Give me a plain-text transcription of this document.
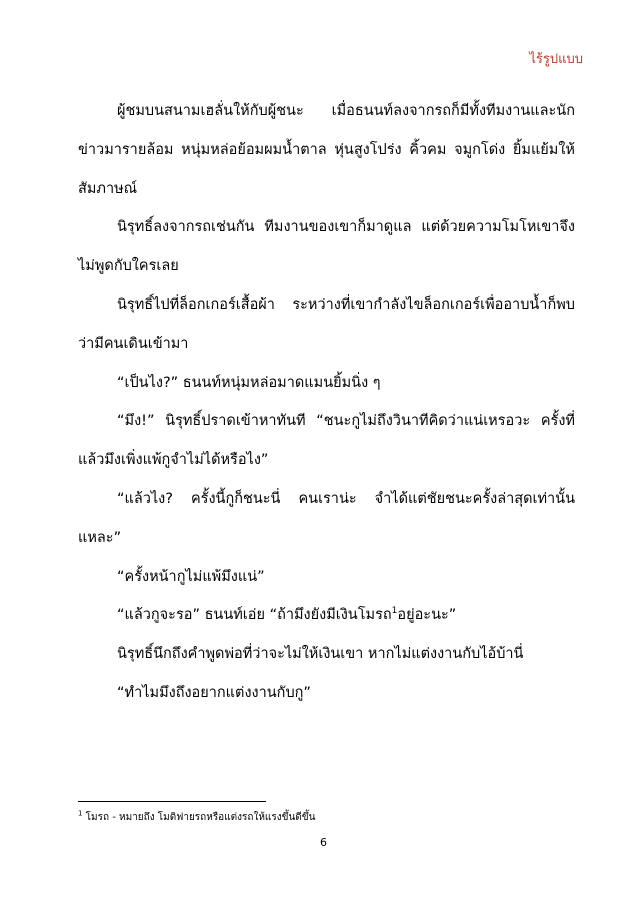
ไร้รูปแบบ

ผู้ชมบนสนามเฮลั่นให้กับผู้ชนะ เมื่อธนนท์ลงจากรถก็มีทั้งทีมงานและนักข่าวมารายล้อม หนุ่มหล่อย้อมผมน้ำตาล หุ่นสูงโปร่ง คิ้วคม จมูกโด่ง ยิ้มแย้มให้สัมภาษณ์

นิรุทธิ์ลงจากรถเช่นกัน ทีมงานของเขาก็มาดูแล แต่ด้วยความโมโหเขาจึงไม่พูดกับใครเลย

นิรุทธิ์ไปที่ล็อกเกอร์เสื้อผ้า ระหว่างที่เขากำลังไขล็อกเกอร์เพื่ออาบน้ำก็พบว่ามีคนเดินเข้ามา

“เป็นไง?” ธนนท์หนุ่มหล่อมาดแมนยิ้มนิ่ง ๆ

“มึง!” นิรุทธิ์ปราดเข้าหาทันที “ชนะกูไม่ถึงวินาทีคิดว่าแน่เหรอวะ ครั้งที่แล้วมึงเพิ่งแพ้กูจำไม่ได้หรือไง”

“แล้วไง? ครั้งนี้กูก็ชนะนี่ คนเราน่ะ จำได้แต่ชัยชนะครั้งล่าสุดเท่านั้นแหละ”

“ครั้งหน้ากูไม่แพ้มึงแน่”

“แล้วกูจะรอ” ธนนท์เอ่ย “ถ้ามึงยังมีเงินโมรถ$^1$อยู่อะนะ”

นิรุทธิ์นึกถึงคำพูดพ่อที่ว่าจะไม่ให้เงินเขา หากไม่แต่งงานกับไอ้บ้านี่

“ทำไมมึงถึงอยากแต่งงานกับกู”

$^1$ โมรถ - หมายถึง โมดิฟายรถหรือแต่งรถให้แรงขึ้นดีขึ้น
6
